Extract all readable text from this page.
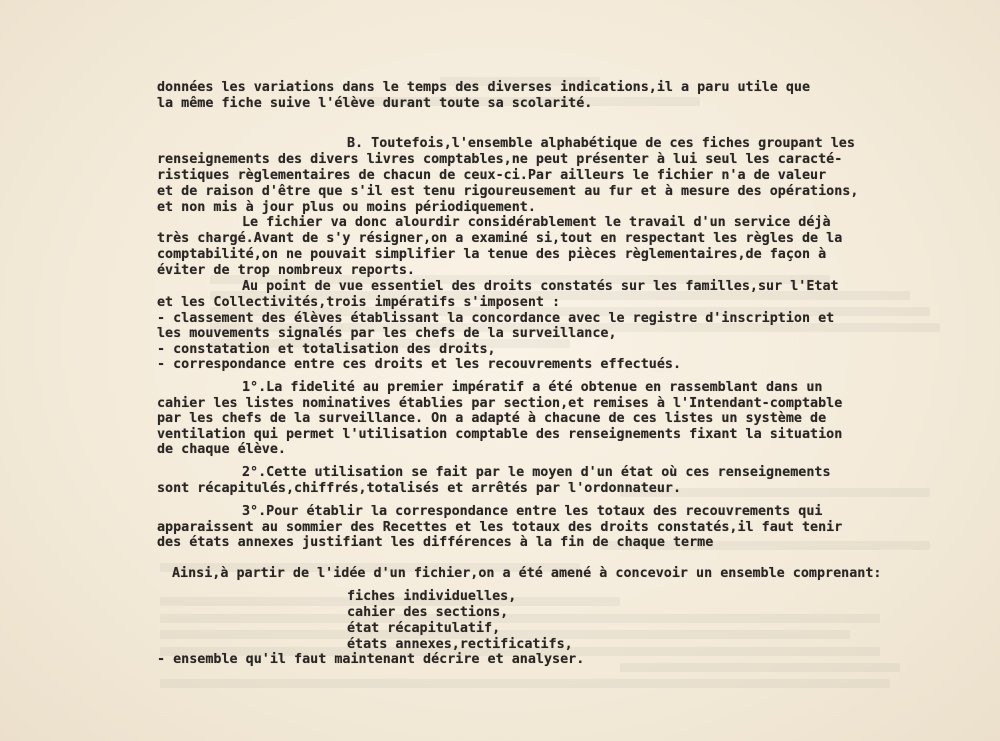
données les variations dans le temps des diverses indications,il a paru utile que
la même fiche suive l'élève durant toute sa scolarité.
B. Toutefois,l'ensemble alphabétique de ces fiches groupant les
renseignements des divers livres comptables,ne peut présenter à lui seul les caracté-
ristiques règlementaires de chacun de ceux-ci.Par ailleurs le fichier n'a de valeur
et de raison d'être que s'il est tenu rigoureusement au fur et à mesure des opérations,
et non mis à jour plus ou moins périodiquement.
Le fichier va donc alourdir considérablement le travail d'un service déjà
très chargé.Avant de s'y résigner,on a examiné si,tout en respectant les règles de la
comptabilité,on ne pouvait simplifier la tenue des pièces règlementaires,de façon à
éviter de trop nombreux reports.
Au point de vue essentiel des droits constatés sur les familles,sur l'Etat
et les Collectivités,trois impératifs s'imposent :
- classement des élèves établissant la concordance avec le registre d'inscription et
les mouvements signalés par les chefs de la surveillance,
- constatation et totalisation des droits,
- correspondance entre ces droits et les recouvrements effectués.
1°.La fidelité au premier impératif a été obtenue en rassemblant dans un
cahier les listes nominatives établies par section,et remises à l'Intendant-comptable
par les chefs de la surveillance. On a adapté à chacune de ces listes un système de
ventilation qui permet l'utilisation comptable des renseignements fixant la situation
de chaque élève.
2°.Cette utilisation se fait par le moyen d'un état où ces renseignements
sont récapitulés,chiffrés,totalisés et arrêtés par l'ordonnateur.
3°.Pour établir la correspondance entre les totaux des recouvrements qui
apparaissent au sommier des Recettes et les totaux des droits constatés,il faut tenir
des états annexes justifiant les différences à la fin de chaque terme
Ainsi,à partir de l'idée d'un fichier,on a été amené à concevoir un ensemble comprenant:
fiches individuelles,
cahier des sections,
état récapitulatif,
états annexes,rectificatifs,
- ensemble qu'il faut maintenant décrire et analyser.
